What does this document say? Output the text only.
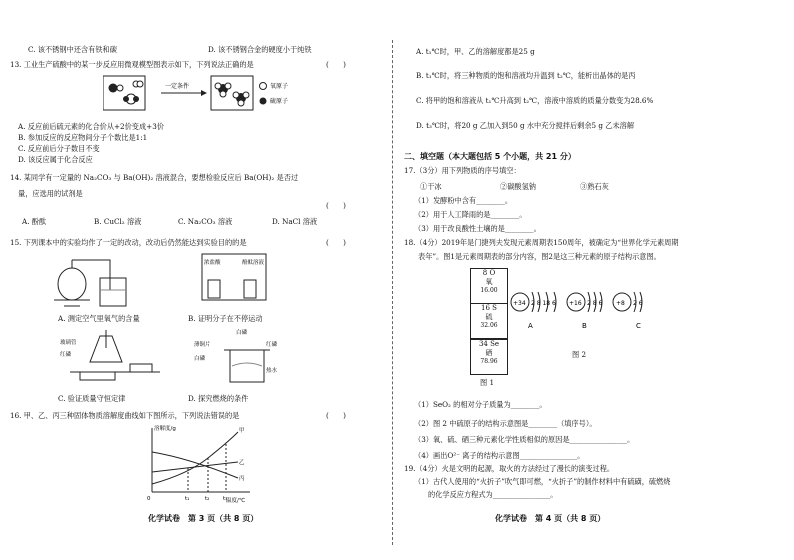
C. 该不锈钢中还含有铁和碳	D. 该不锈钢合金的硬度小于纯铁
13. 工业生产硫酸中的某一步反应用微观模型图表示如下，下列说法正确的是	(　　)
一定条件	氧原子
硫原子
A. 反应前后硫元素的化合价从+2价变成+3价
B. 参加反应的反应物间分子个数比是1:1
C. 反应前后分子数目不变
D. 该反应属于化合反应
14. 某同学有一定量的 Na₂CO₃ 与 Ba(OH)₂ 溶液混合，要想检验反应后 Ba(OH)₂ 是否过
量，应选用的试剂是
(　　)
A. 酚酞	B. CuCl₂ 溶液	C. Na₂CO₃ 溶液	D. NaCl 溶液
15. 下列课本中的实验均作了一定的改动，改动后仍然能达到实验目的的是	(　　)
浓盐酸	酚酞溶液
A. 测定空气里氧气的含量	B. 证明分子在不停运动
玻璃管
红磷
白磷
薄铜片
热水
白磷
红磷
C. 验证质量守恒定律	D. 探究燃烧的条件
16. 甲、乙、丙三种固体物质溶解度曲线如下图所示，下列说法错误的是	(　　)
溶解度/g
温度/℃
甲
乙
丙
0	t₁	t₂ t₃
化学试卷　第 3 页（共 8 页）
A. t₁℃时，甲、乙的溶解度都是25 g
B. t₁℃时，将三种物质的饱和溶液均升温到 t₂℃，能析出晶体的是丙
C. 将甲的饱和溶液从 t₁℃升高到 t₂℃，溶液中溶质的质量分数变为28.6%
D. t₃℃时，将20 g 乙加入到50 g 水中充分搅拌后剩余5 g 乙未溶解
二、填空题（本大题包括 5 个小题，共 21 分）
17.（3分）用下列物质的序号填空：
①干冰	②碳酸氢钠	③熟石灰
（1）发酵粉中含有________。
（2）用于人工降雨的是________。
（3）用于改良酸性土壤的是________。
18.（4分）2019年是门捷列夫发现元素周期表150周年，被确定为“世界化学元素周期
表年”。图1是元素周期表的部分内容，图2是这三种元素的原子结构示意图。
8 O
氧
16.00
16 S
硫
32.06
34 Se
硒
78.96
图 1
+34 2 8 18 6
A
+16 2 8 6
B
+8 2 6
C
图 2
（1）SeO₂ 的相对分子质量为________。
（2）图 2 中硫原子的结构示意图是________（填序号）。
（3）氧、硫、硒三种元素化学性质相似的原因是________________。
（4）画出O²⁻ 离子的结构示意图________________。
19.（4分）火是文明的起源，取火的方法经过了漫长的演变过程。
（1）古代人使用的“火折子”吹气即可燃，“火折子”的制作材料中有硫磺，硫燃烧
的化学反应方程式为________________。
化学试卷　第 4 页（共 8 页）
